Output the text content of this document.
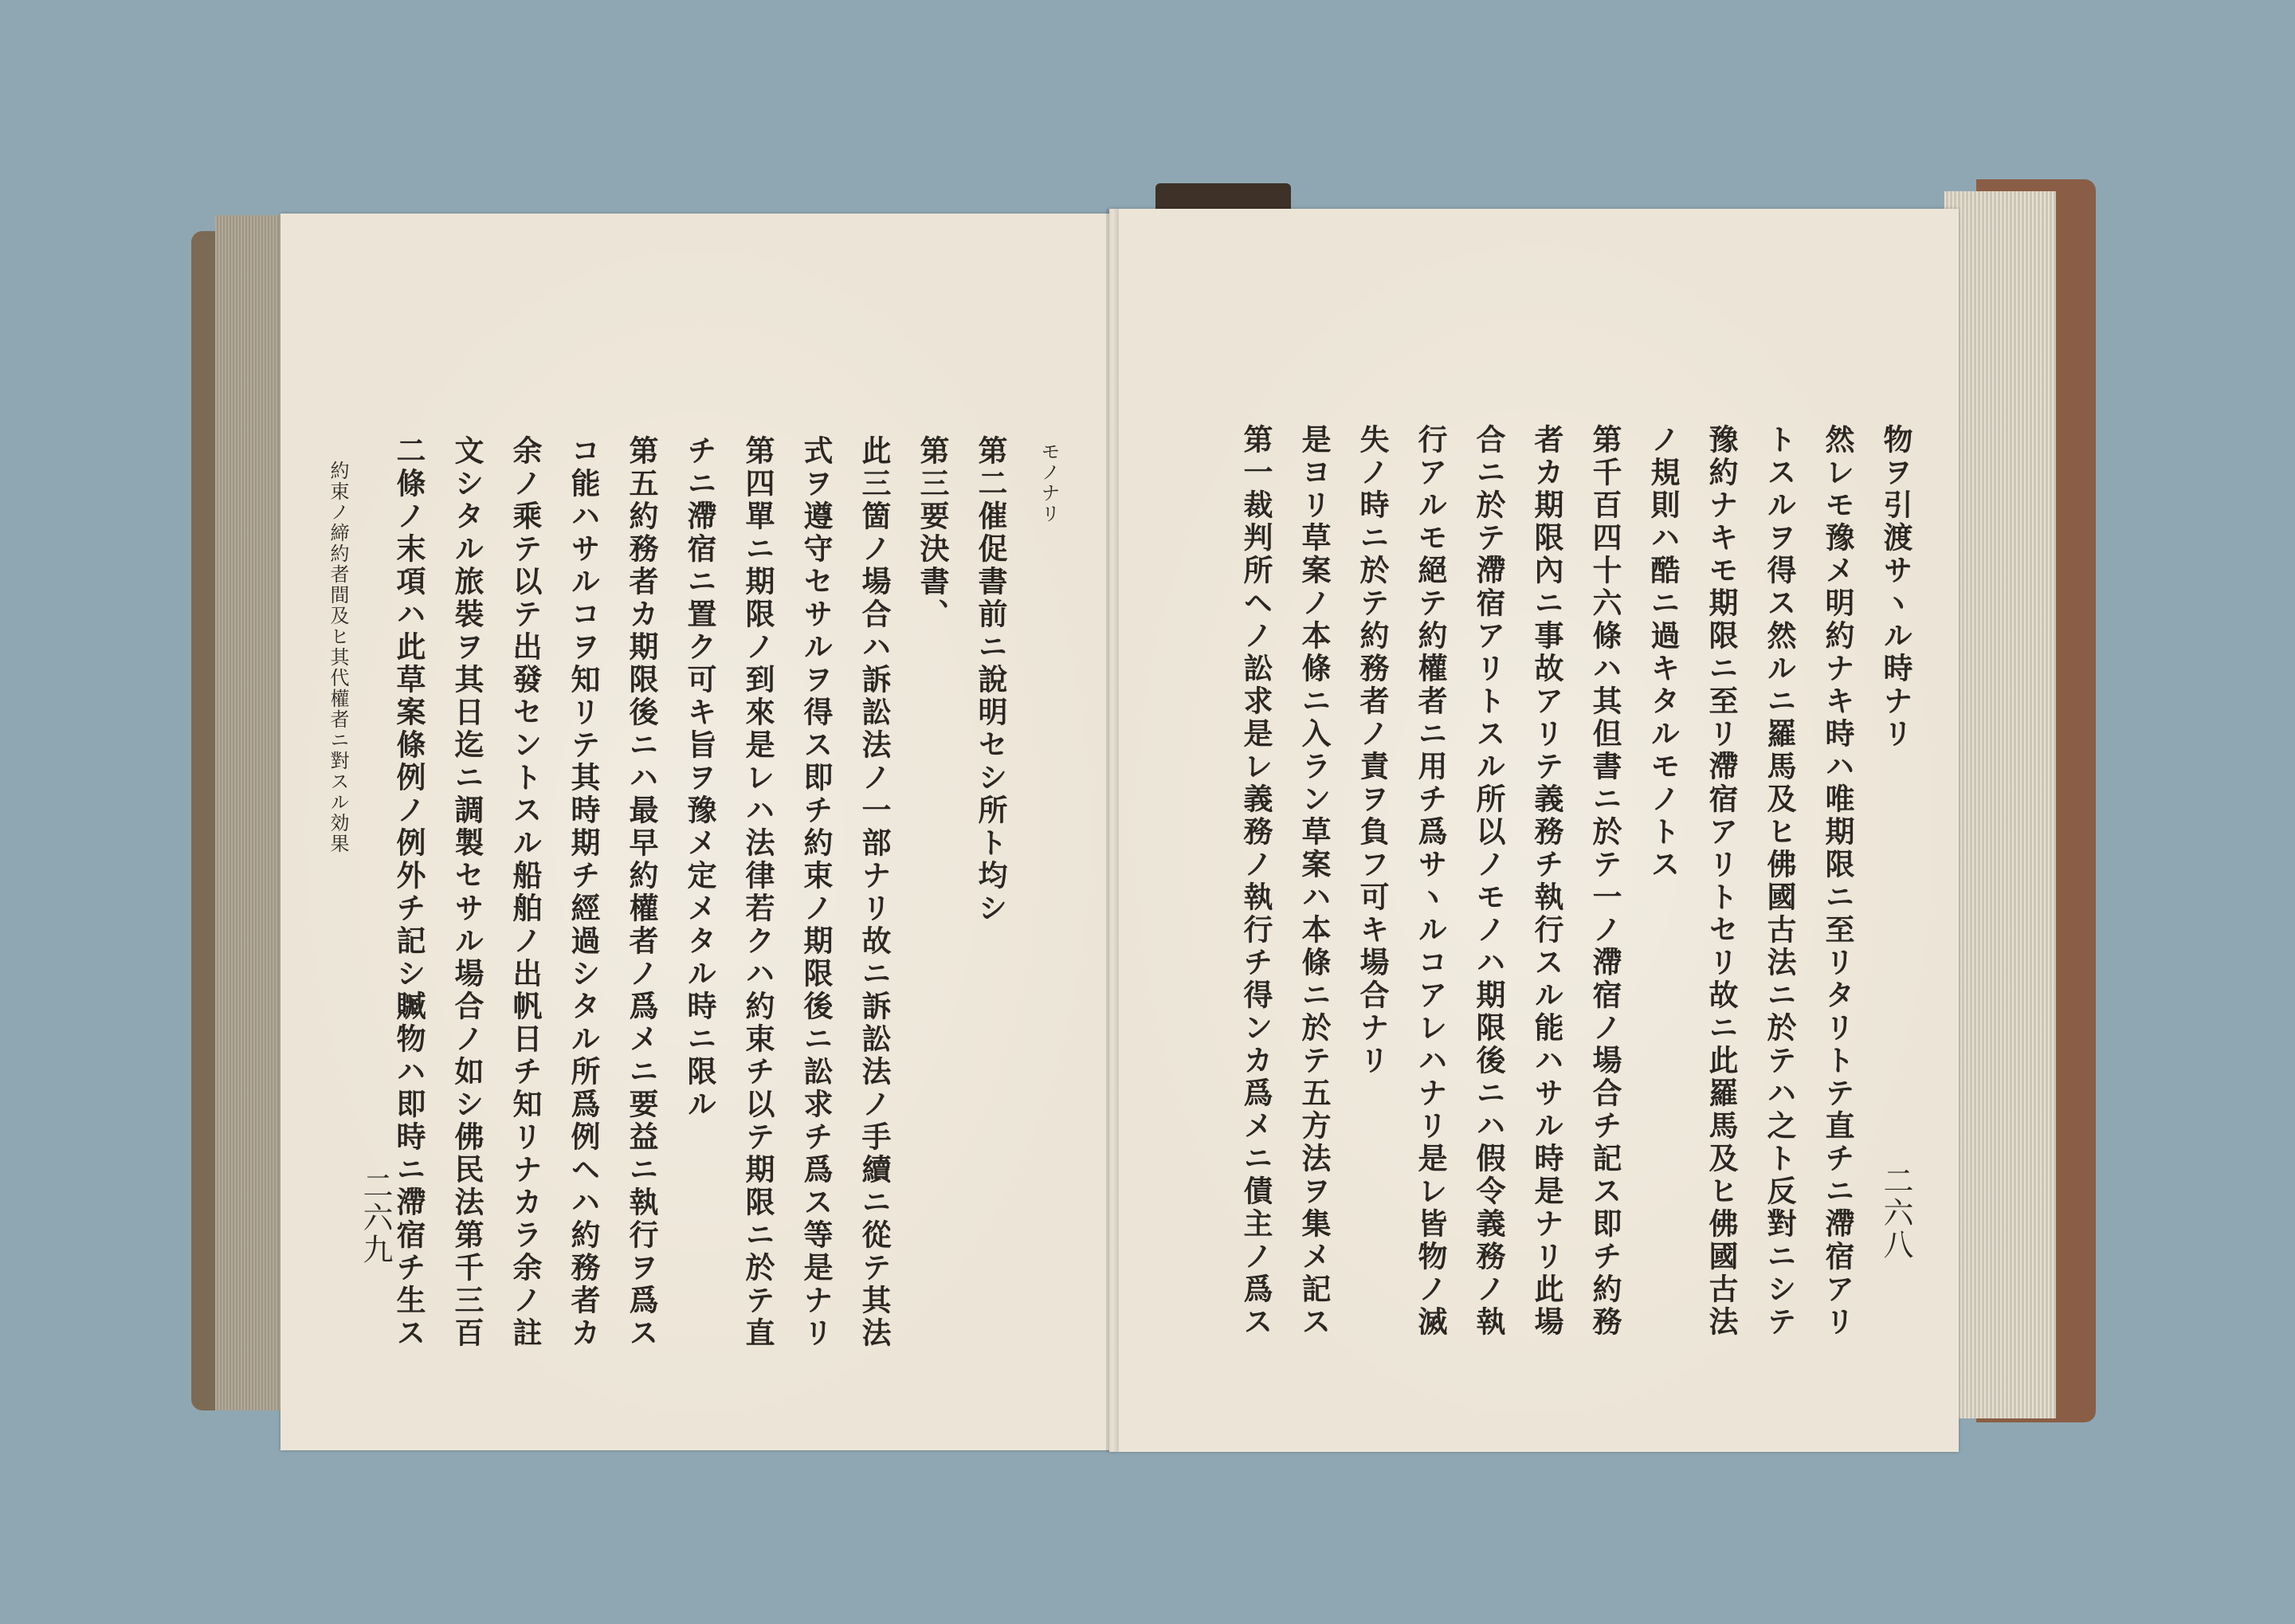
約束ノ締約者間及ヒ其代權者ニ對スル効果 二條ノ末項ハ此草案條例ノ例外チ記シ贓物ハ即時ニ滯宿チ生ス 文シタル旅裝ヲ其日迄ニ調製セサル場合ノ如シ佛民法第千三百 余ノ乘テ以テ出發セントスル船舶ノ出帆日チ知リナカラ余ノ註 コ能ハサルコヲ知リテ其時期チ經過シタル所爲例ヘハ約務者カ 第五約務者カ期限後ニハ最早約權者ノ爲メニ要益ニ執行ヲ爲ス チニ滯宿ニ置ク可キ旨ヲ豫メ定メタル時ニ限ル 第四單ニ期限ノ到來是レハ法律若クハ約束チ以テ期限ニ於テ直 式ヲ遵守セサルヲ得ス即チ約束ノ期限後ニ訟求チ爲ス等是ナリ 此三箇ノ場合ハ訴訟法ノ一部ナリ故ニ訴訟法ノ手續ニ從テ其法 第三要決書、 第二催促書前ニ說明セシ所ト均シ モノナリ
二六九	第一裁判所ヘノ訟求是レ義務ノ執行チ得ンカ爲メニ債主ノ爲ス 是ヨリ草案ノ本條ニ入ラン草案ハ本條ニ於テ五方法ヲ集メ記ス 失ノ時ニ於テ約務者ノ責ヲ負フ可キ場合ナリ 行アルモ絕テ約權者ニ用チ爲サヽルコアレハナリ是レ皆物ノ滅 合ニ於テ滯宿アリトスル所以ノモノハ期限後ニハ假令義務ノ執 者カ期限內ニ事故アリテ義務チ執行スル能ハサル時是ナリ此場 第千百四十六條ハ其但書ニ於テ一ノ滯宿ノ場合チ記ス即チ約務 ノ規則ハ酷ニ過キタルモノトス 豫約ナキモ期限ニ至リ滯宿アリトセリ故ニ此羅馬及ヒ佛國古法 トスルヲ得ス然ルニ羅馬及ヒ佛國古法ニ於テハ之ト反對ニシテ 然レモ豫メ明約ナキ時ハ唯期限ニ至リタリトテ直チニ滯宿アリ 物ヲ引渡サヽル時ナリ
二六八
